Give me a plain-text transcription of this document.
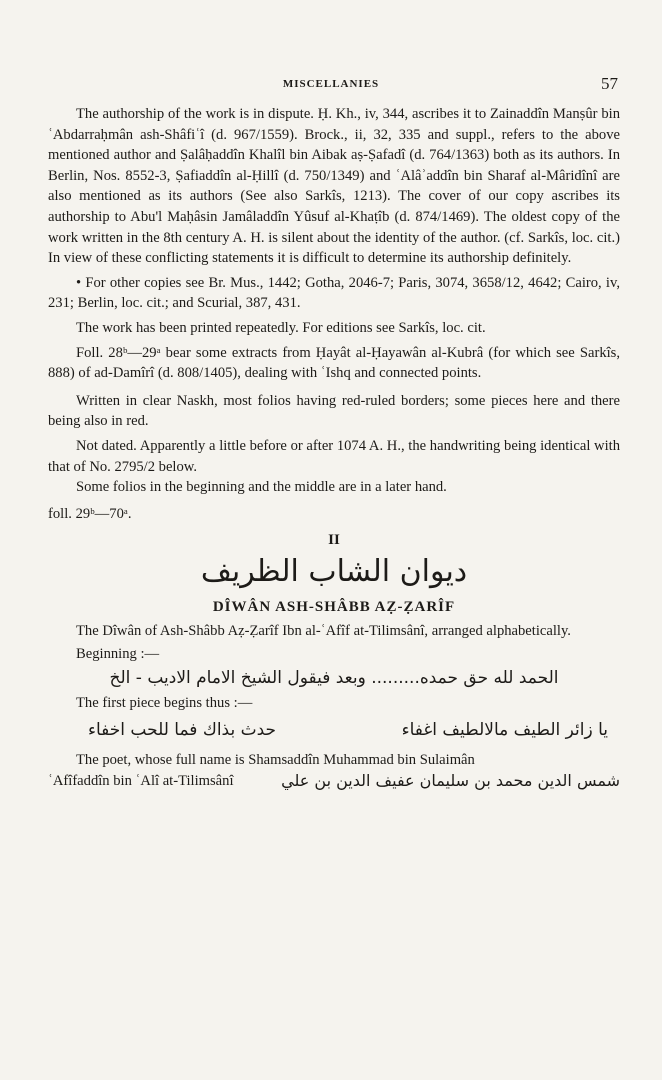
MISCELLANIES	57

The authorship of the work is in dispute. Ḥ. Kh., iv, 344, ascribes it to Zainaddîn Manṣûr bin ʿAbdarraḥmân ash-Shâfiʿî (d. 967/1559). Brock., ii, 32, 335 and suppl., refers to the above mentioned author and Ṣalâḥaddîn Khalîl bin Aibak aṣ-Ṣafadî (d. 764/1363) both as its authors. In Berlin, Nos. 8552-3, Ṣafiaddîn al-Ḥillî (d. 750/1349) and ʿAlâʾaddîn bin Sharaf al-Mâridînî are also mentioned as its authors (See also Sarkîs, 1213). The cover of our copy ascribes its authorship to Abu'l Maḥâsin Jamâladdîn Yûsuf al-Khaṭîb (d. 874/1469). The oldest copy of the work written in the 8th century A. H. is silent about the identity of the author. (cf. Sarkîs, loc. cit.) In view of these conflicting statements it is difficult to determine its authorship definitely.

• For other copies see Br. Mus., 1442; Gotha, 2046-7; Paris, 3074, 3658/12, 4642; Cairo, iv, 231; Berlin, loc. cit.; and Scurial, 387, 431.

The work has been printed repeatedly. For editions see Sarkîs, loc. cit.

Foll. 28ᵇ—29ᵃ bear some extracts from Ḥayât al-Ḥayawân al-Kubrâ (for which see Sarkîs, 888) of ad-Damîrî (d. 808/1405), dealing with ʿIshq and connected points.

Written in clear Naskh, most folios having red-ruled borders; some pieces here and there being also in red.

Not dated. Apparently a little before or after 1074 A. H., the handwriting being identical with that of No. 2795/2 below.

Some folios in the beginning and the middle are in a later hand.

foll. 29ᵇ—70ᵃ.

II

ديوان الشاب الظريف

DÎWÂN ASH-SHÂBB AẒ-ẒARÎF

The Dîwân of Ash-Shâbb Aẓ-Ẓarîf Ibn al-ʿAfîf at-Tilimsânî, arranged alphabetically.

Beginning :—

الحمد لله حق حمده......... وبعد فيقول الشيخ الامام الاديب - الخ

The first piece begins thus :—

حدث بذاك فما للحب اخفاء	يا زائر الطيف مالالطيف اغفاء

The poet, whose full name is Shamsaddîn Muhammad bin Sulaimân

ʿAfîfaddîn bin ʿAlî at-Tilimsânî	شمس الدين محمد بن سليمان عفيف الدين بن علي
